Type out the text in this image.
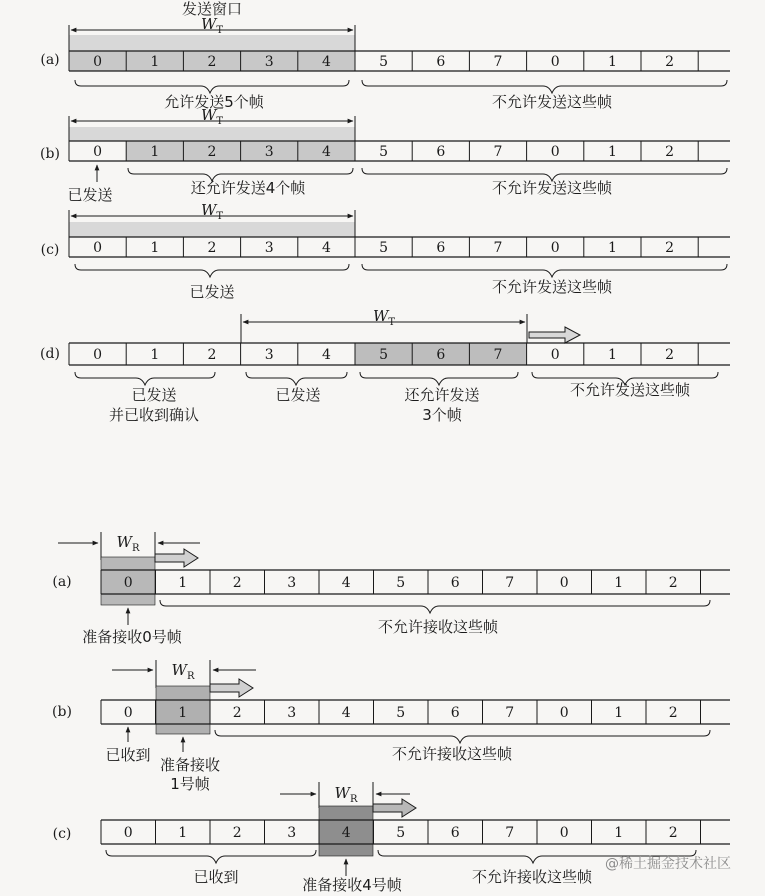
发送窗口
(a)
$W_T$
0	1	2	3	4	5	6	7	0	1	2
允许发送5个帧	不允许发送这些帧
(b)
$W_T$
0	1	2	3	4	5	6	7	0	1	2
已发送	还允许发送4个帧	不允许发送这些帧
(c)
$W_T$
0	1	2	3	4	5	6	7	0	1	2
已发送	不允许发送这些帧
(d)
$W_T$
0	1	2	3	4	5	6	7	0	1	2
已发送
并已收到确认
已发送	还允许发送
3个帧
不允许发送这些帧
(a)
$W_R$
0	1	2	3	4	5	6	7	0	1	2
准备接收0号帧
不允许接收这些帧
(b)
$W_R$
0	1	2	3	4	5	6	7	0	1	2
已收到
准备接收
1号帧
不允许接收这些帧
(c)
$W_R$
0	1	2	3	4	5	6	7	0	1	2
已收到	准备接收4号帧	不允许接收这些帧
@稀土掘金技术社区
